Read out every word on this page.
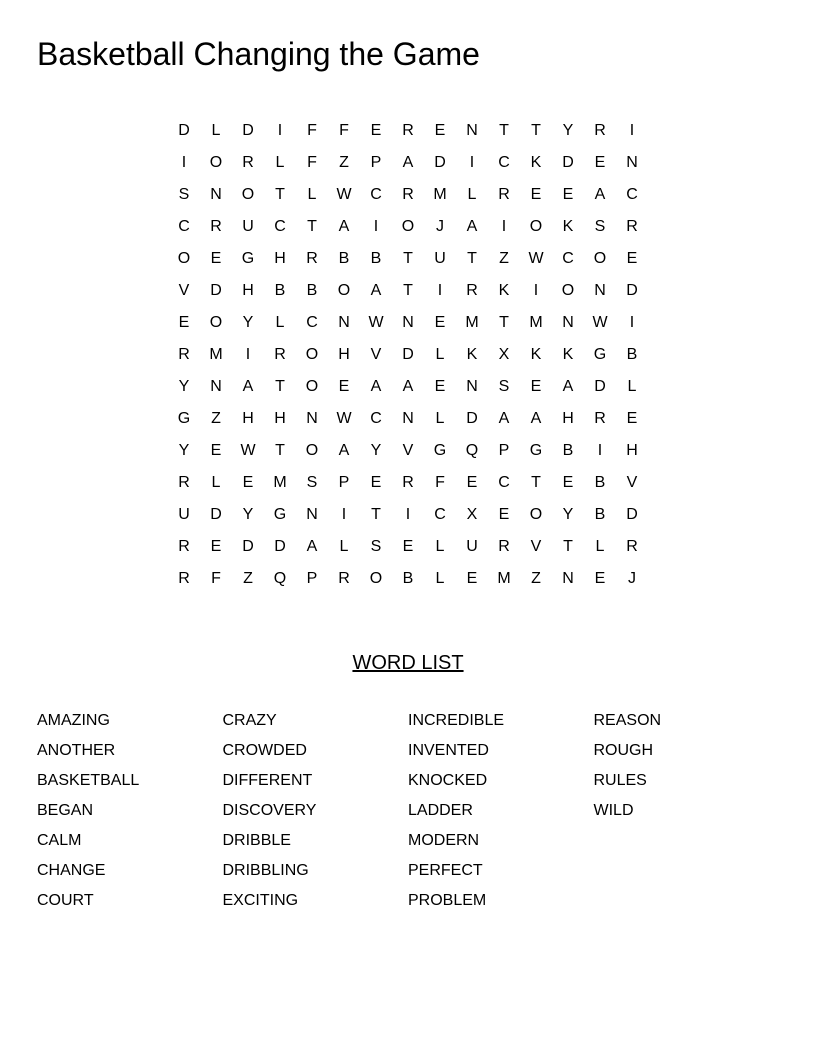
Basketball Changing the Game
D	L	D	I	F	F	E	R	E	N	T	T	Y	R	I
I	O	R	L	F	Z	P	A	D	I	C	K	D	E	N
S	N	O	T	L	W	C	R	M	L	R	E	E	A	C
C	R	U	C	T	A	I	O	J	A	I	O	K	S	R
O	E	G	H	R	B	B	T	U	T	Z	W	C	O	E
V	D	H	B	B	O	A	T	I	R	K	I	O	N	D
E	O	Y	L	C	N	W	N	E	M	T	M	N	W	I
R	M	I	R	O	H	V	D	L	K	X	K	K	G	B
Y	N	A	T	O	E	A	A	E	N	S	E	A	D	L
G	Z	H	H	N	W	C	N	L	D	A	A	H	R	E
Y	E	W	T	O	A	Y	V	G	Q	P	G	B	I	H
R	L	E	M	S	P	E	R	F	E	C	T	E	B	V
U	D	Y	G	N	I	T	I	C	X	E	O	Y	B	D
R	E	D	D	A	L	S	E	L	U	R	V	T	L	R
R	F	Z	Q	P	R	O	B	L	E	M	Z	N	E	J
WORD LIST
AMAZING
ANOTHER
BASKETBALL
BEGAN
CALM
CHANGE
COURT
CRAZY
CROWDED
DIFFERENT
DISCOVERY
DRIBBLE
DRIBBLING
EXCITING
INCREDIBLE
INVENTED
KNOCKED
LADDER
MODERN
PERFECT
PROBLEM
REASON
ROUGH
RULES
WILD
